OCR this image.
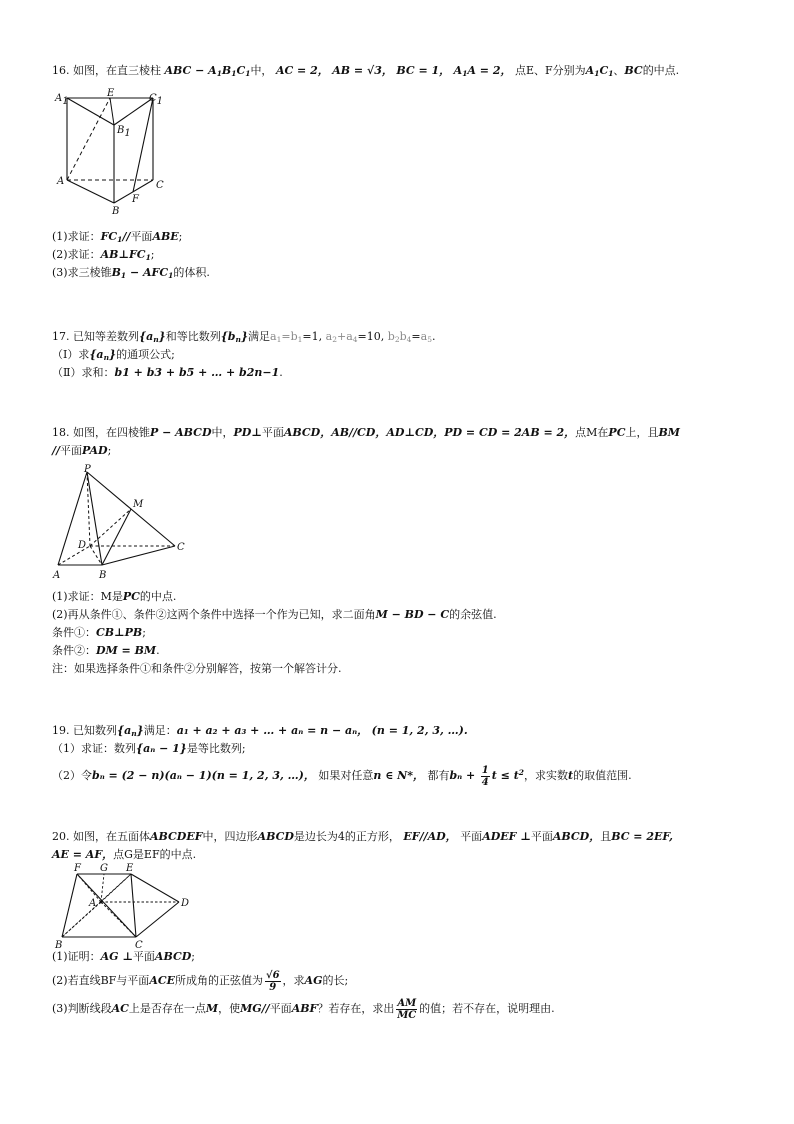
16. 如图，在直三棱柱 ABC − $A_1B_1C_1$中， AC = 2， AB = √3， BC = 1， $A_1A = 2$， 点E、F分别为$A_1C_1$、BC的中点.
A1
E	C1
B1
A	C
B
F
(1)求证：$FC_1//$平面ABE;
(2)求证：$AB\perp FC_1$;
(3)求三棱锥$B_1 - AFC_1$的体积.
17. 已知等差数列$\{a_n\}$和等比数列$\{b_n\}$满足$a_1=b_1=1$, $a_2+a_4=10$, $b_2b_4=a_5$.
（Ⅰ）求$\{a_n\}$的通项公式;
（Ⅱ）求和：b1 + b3 + b5 + … + b2n−1.
18. 如图，在四棱锥P − ABCD中，PD⊥平面ABCD，AB//CD，AD⊥CD，PD = CD = 2AB = 2，点M在PC上，且BM
//平面PAD;
P
M
D	C
A	B
(1)求证：M是PC的中点.
(2)再从条件①、条件②这两个条件中选择一个作为已知，求二面角M − BD − C的余弦值.
条件①：CB⊥PB;
条件②：DM = BM.
注：如果选择条件①和条件②分别解答，按第一个解答计分.
19. 已知数列$\{a_n\}$满足：a₁ + a₂ + a₃ + … + aₙ = n − aₙ， (n = 1, 2, 3, …).
（1）求证：数列{aₙ − 1}是等比数列;
（2）令bₙ = (2 − n)(aₙ − 1)(n = 1, 2, 3, …)， 如果对任意n ∈ N*， 都有$b_n + \frac{1}{4}$ $t \le t^2$，求实数t的取值范围.
20. 如图，在五面体ABCDEF中，四边形ABCD是边长为4的正方形， EF//AD， 平面ADEF ⊥平面ABCD，且BC = 2EF,
AE = AF，点G是EF的中点.
F G E
A	D
B	C
(1)证明：AG ⊥平面ABCD;
(2)若直线BF与平面ACE所成角的正弦值为 $\frac{√6}{9}$ ，求AG的长;
(3)判断线段AC上是否存在一点M，使MG//平面ABF？若存在，求出 $\frac{AM}{MC}$ 的值；若不存在，说明理由.
